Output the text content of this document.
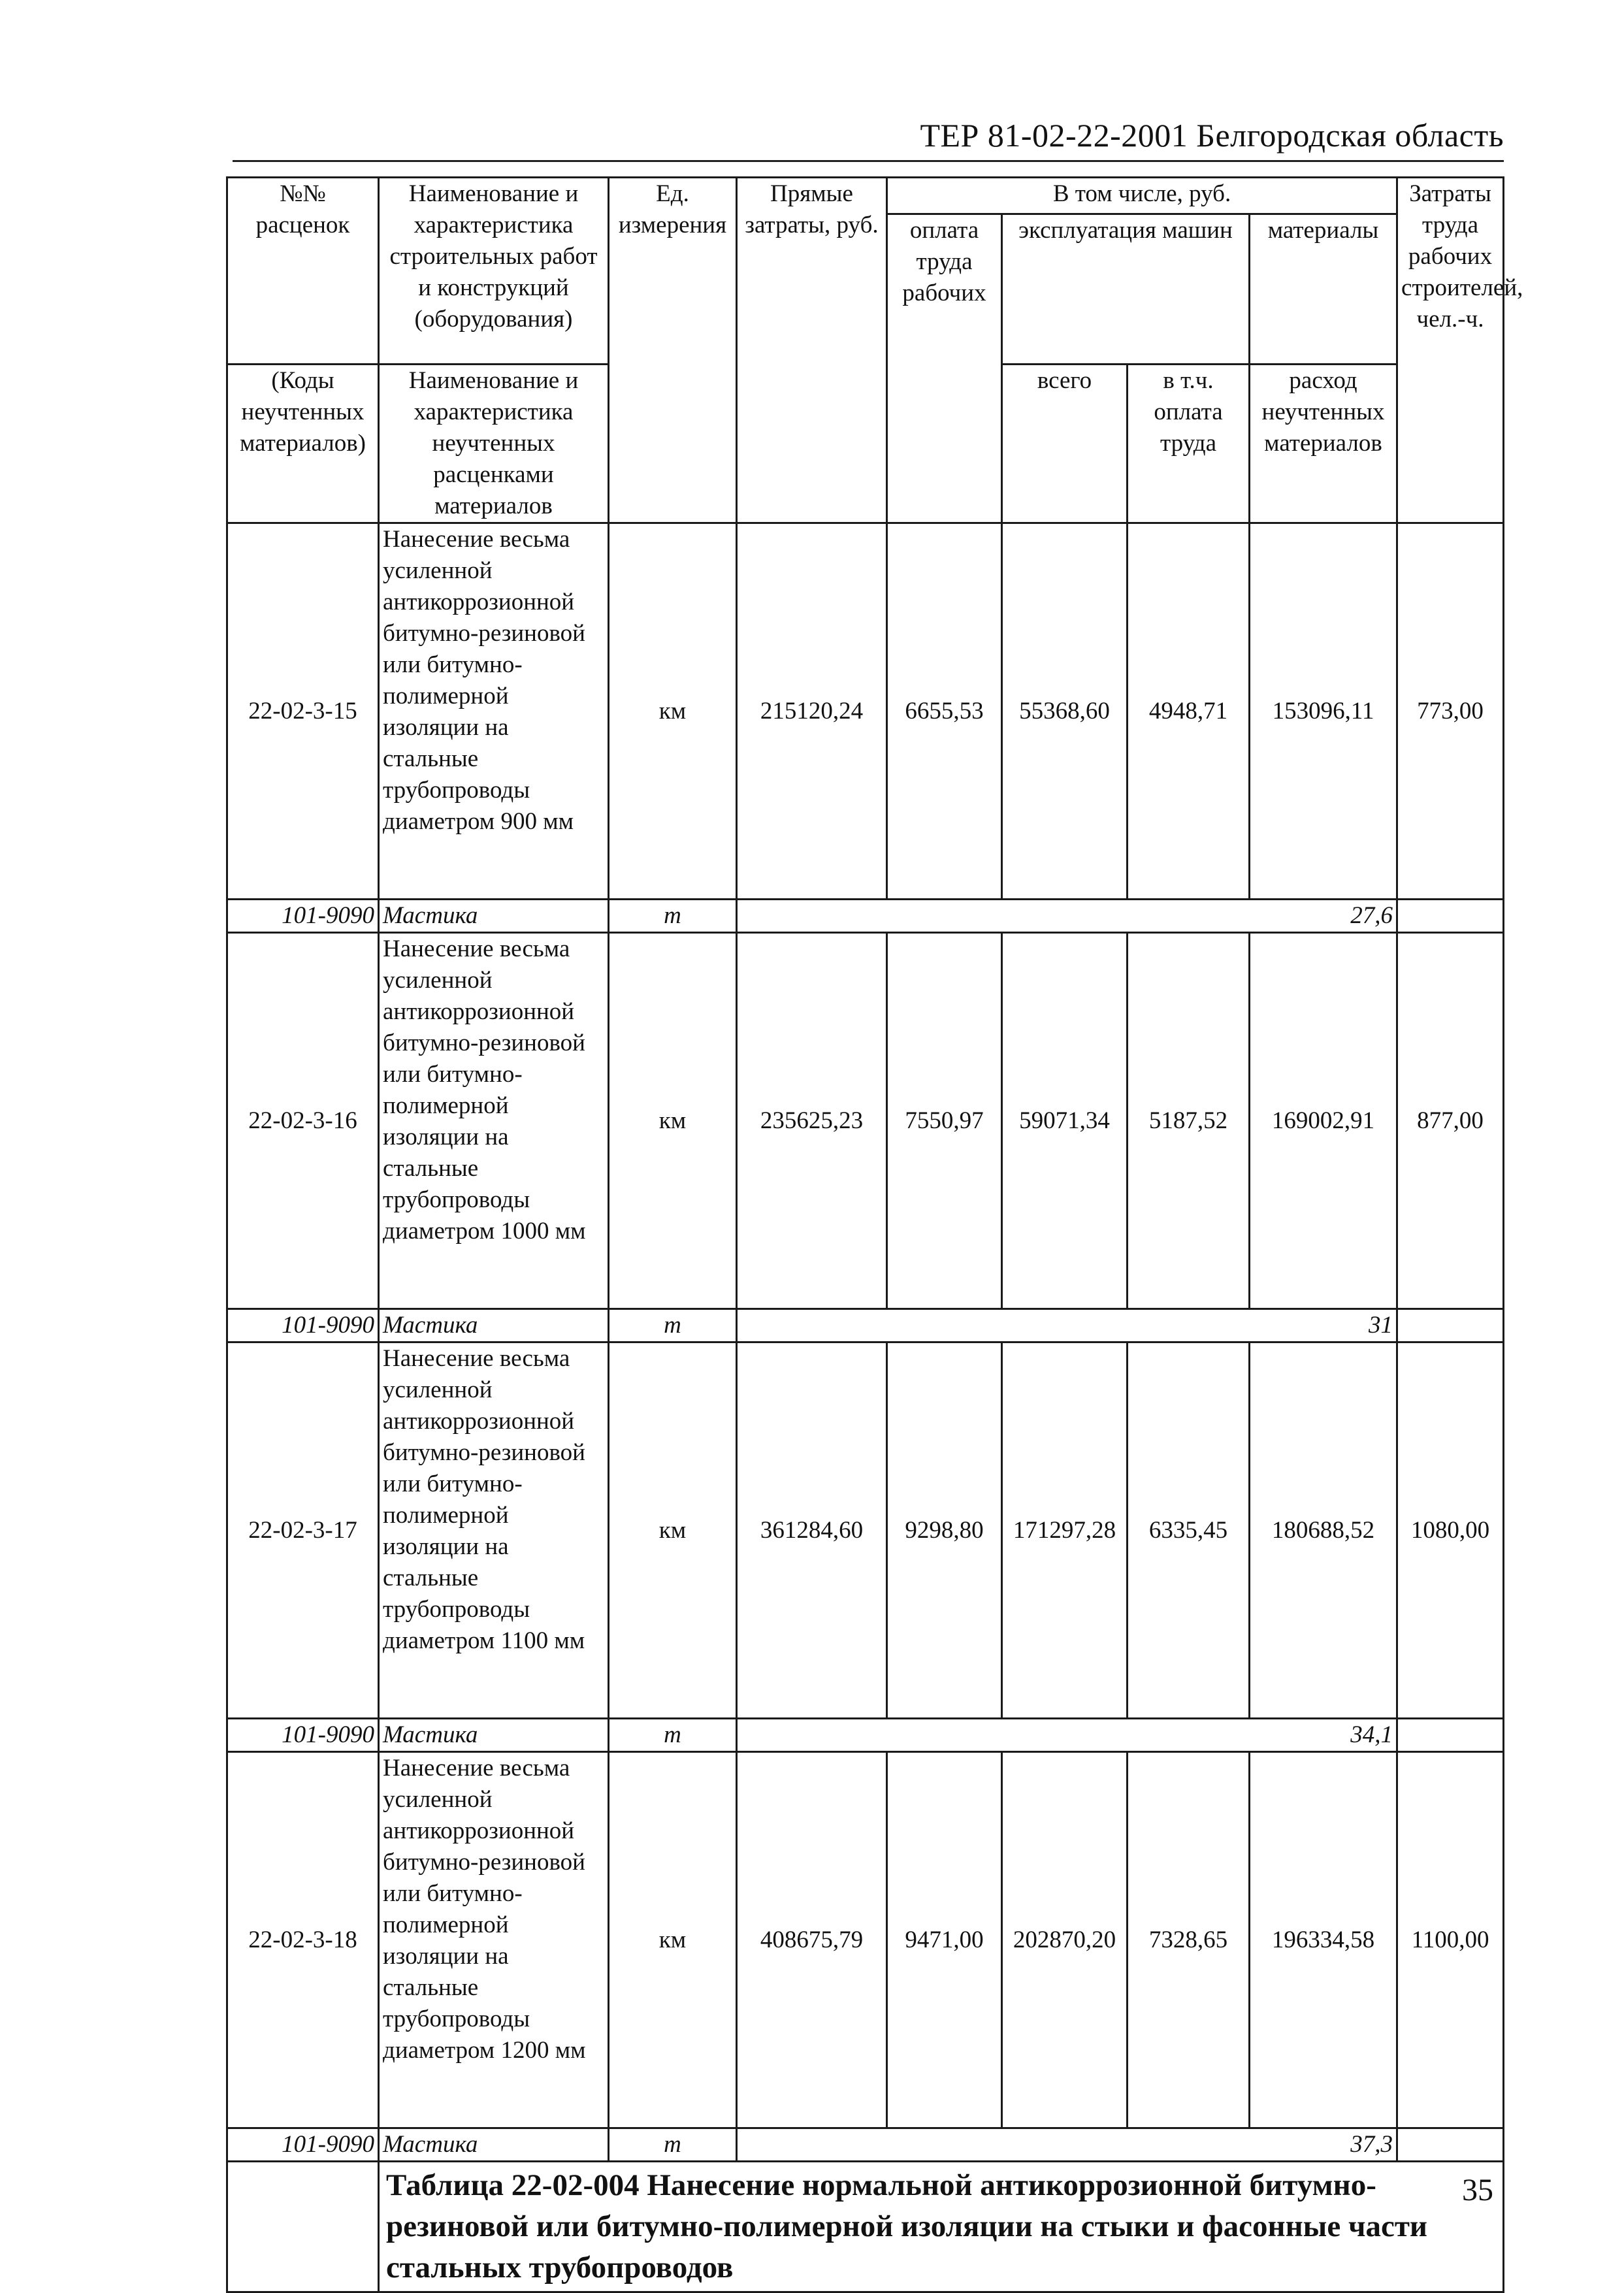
ТЕР 81-02-22-2001 Белгородская область
№№ расценок	Наименование и характеристика строительных работ и конструкций (оборудования)	Ед. измерения	Прямые затраты, руб.	В том числе, руб.				Затраты труда рабочих строителей, чел.-ч.
				оплата труда рабочих	эксплуатация машин		материалы	
(Коды неучтенных материалов)	Наименование и характеристика неучтенных расценками материалов				всего	в т.ч. оплата труда	расход неучтенных материалов	

22-02-3-15	Нанесение весьма усиленной антикоррозионной битумно-резиновой или битумно-полимерной изоляции на стальные трубопроводы диаметром 900 мм	км	215120,24	6655,53	55368,60	4948,71	153096,11	773,00
101-9090	Мастика	т	27,6					
22-02-3-16	Нанесение весьма усиленной антикоррозионной битумно-резиновой или битумно-полимерной изоляции на стальные трубопроводы диаметром 1000 мм	км	235625,23	7550,97	59071,34	5187,52	169002,91	877,00
101-9090	Мастика	т	31					
22-02-3-17	Нанесение весьма усиленной антикоррозионной битумно-резиновой или битумно-полимерной изоляции на стальные трубопроводы диаметром 1100 мм	км	361284,60	9298,80	171297,28	6335,45	180688,52	1080,00
101-9090	Мастика	т	34,1					
22-02-3-18	Нанесение весьма усиленной антикоррозионной битумно-резиновой или битумно-полимерной изоляции на стальные трубопроводы диаметром 1200 мм	км	408675,79	9471,00	202870,20	7328,65	196334,58	1100,00
101-9090	Мастика	т	37,3					
	Таблица 22-02-004 Нанесение нормальной антикоррозионной битумно-резиновой или битумно-полимерной изоляции на стыки и фасонные части стальных трубопроводов							
35
